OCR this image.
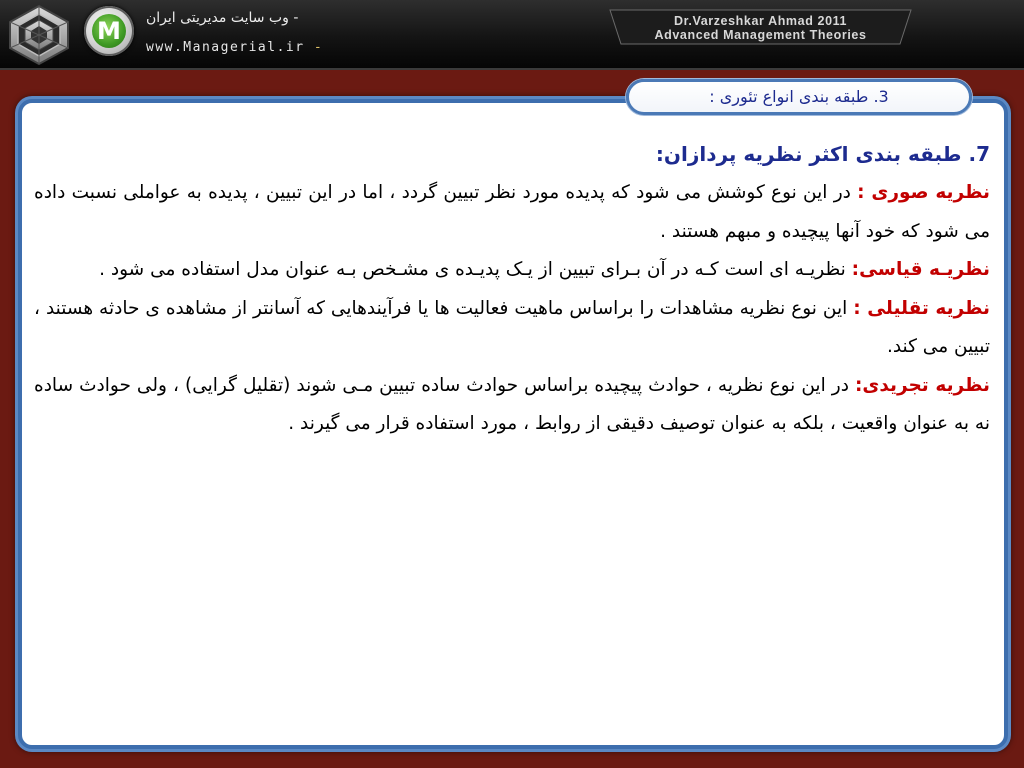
M	- وب سایت مدیریتی ایران
www.Managerial.ir -
Dr.Varzeshkar Ahmad 2011
Advanced Management Theories
3. طبقه بندی انواع تئوری :
7. طبقه بندی اکثر نظریه پردازان:

نظریه صوری : در این نوع کوشش می شود که پدیده مورد نظر تبیین گردد ، اما در این تبیین ، پدیده به عواملی نسبت داده می شود که خود آنها پیچیده و مبهم هستند .

نظریـه قیاسی: نظریـه ای است کـه در آن بـرای تبیین از یـک پدیـده ی مشـخص بـه عنوان مدل استفاده می شود .

نظریه تقلیلی : این نوع نظریه مشاهدات را براساس ماهیت فعالیت ها یا فرآیندهایی که آسانتر از مشاهده ی حادثه هستند ، تبیین می کند.

نظریه تجریدی: در این نوع نظریه ، حوادث پیچیده براساس حوادث ساده تبیین مـی شوند (تقلیل گرایی) ، ولی حوادث ساده نه به عنوان واقعیت ، بلکه به عنوان توصیف دقیقی از روابط ، مورد استفاده قرار می گیرند .
